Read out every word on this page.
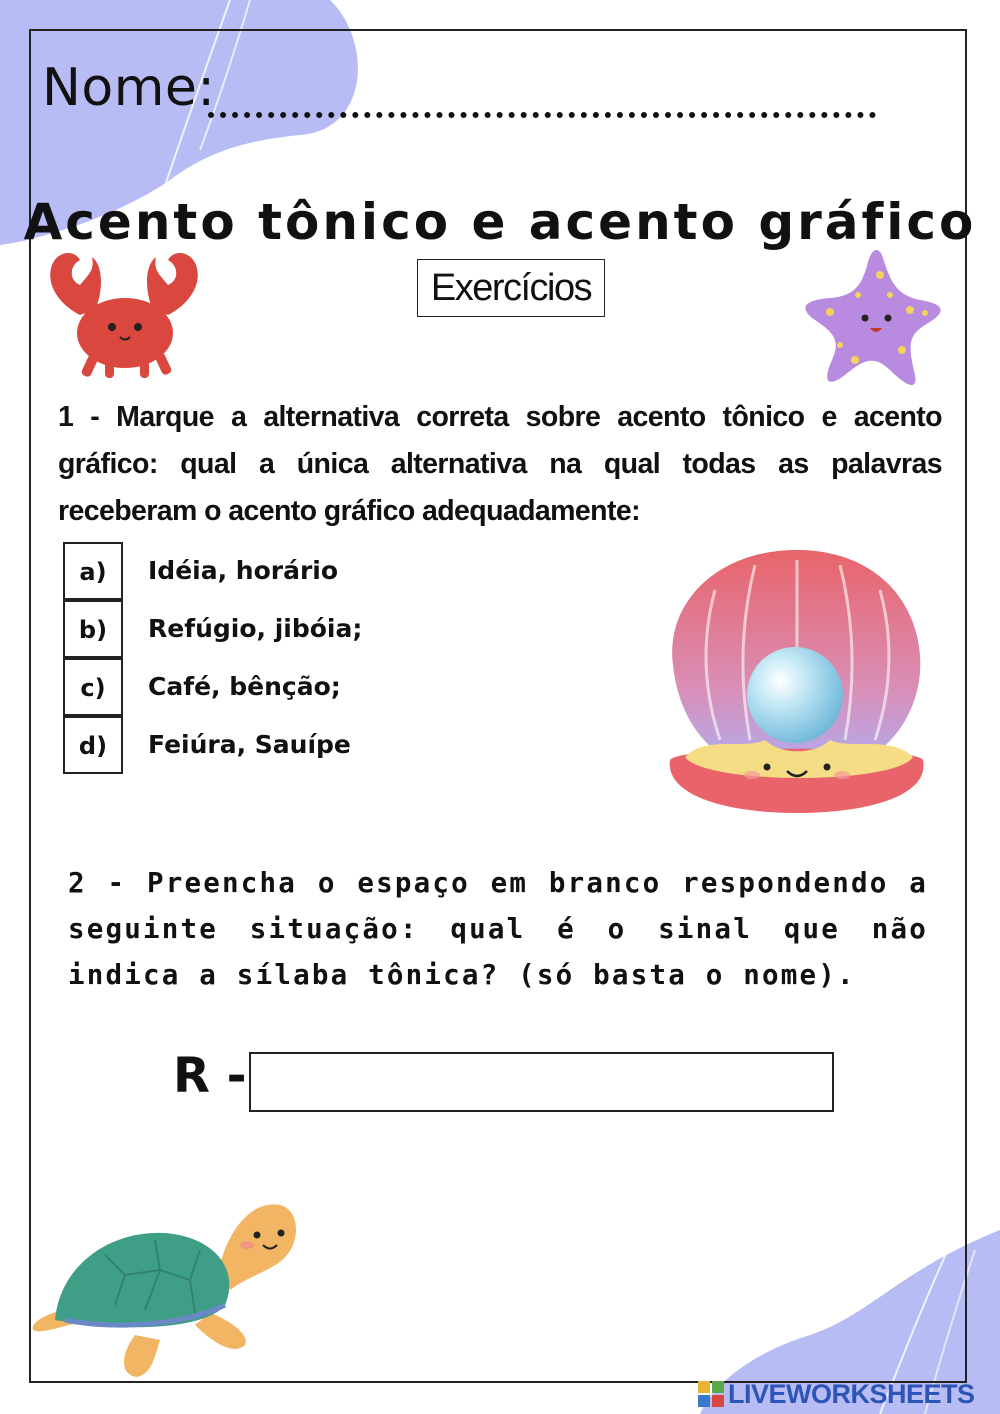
Nome:
Acento tônico e acento gráfico
Exercícios
1 - Marque a alternativa correta sobre acento tônico e acento gráfico: qual a única alternativa na qual todas as palavras receberam o acento gráfico adequadamente:
a)	Idéia, horário
b)	Refúgio, jibóia;
c)	Café, bênção;
d)	Feiúra, Sauípe
2 - Preencha o espaço em branco respondendo a seguinte situação: qual é o sinal que não indica a sílaba tônica? (só basta o nome).
R -
LIVEWORKSHEETS
